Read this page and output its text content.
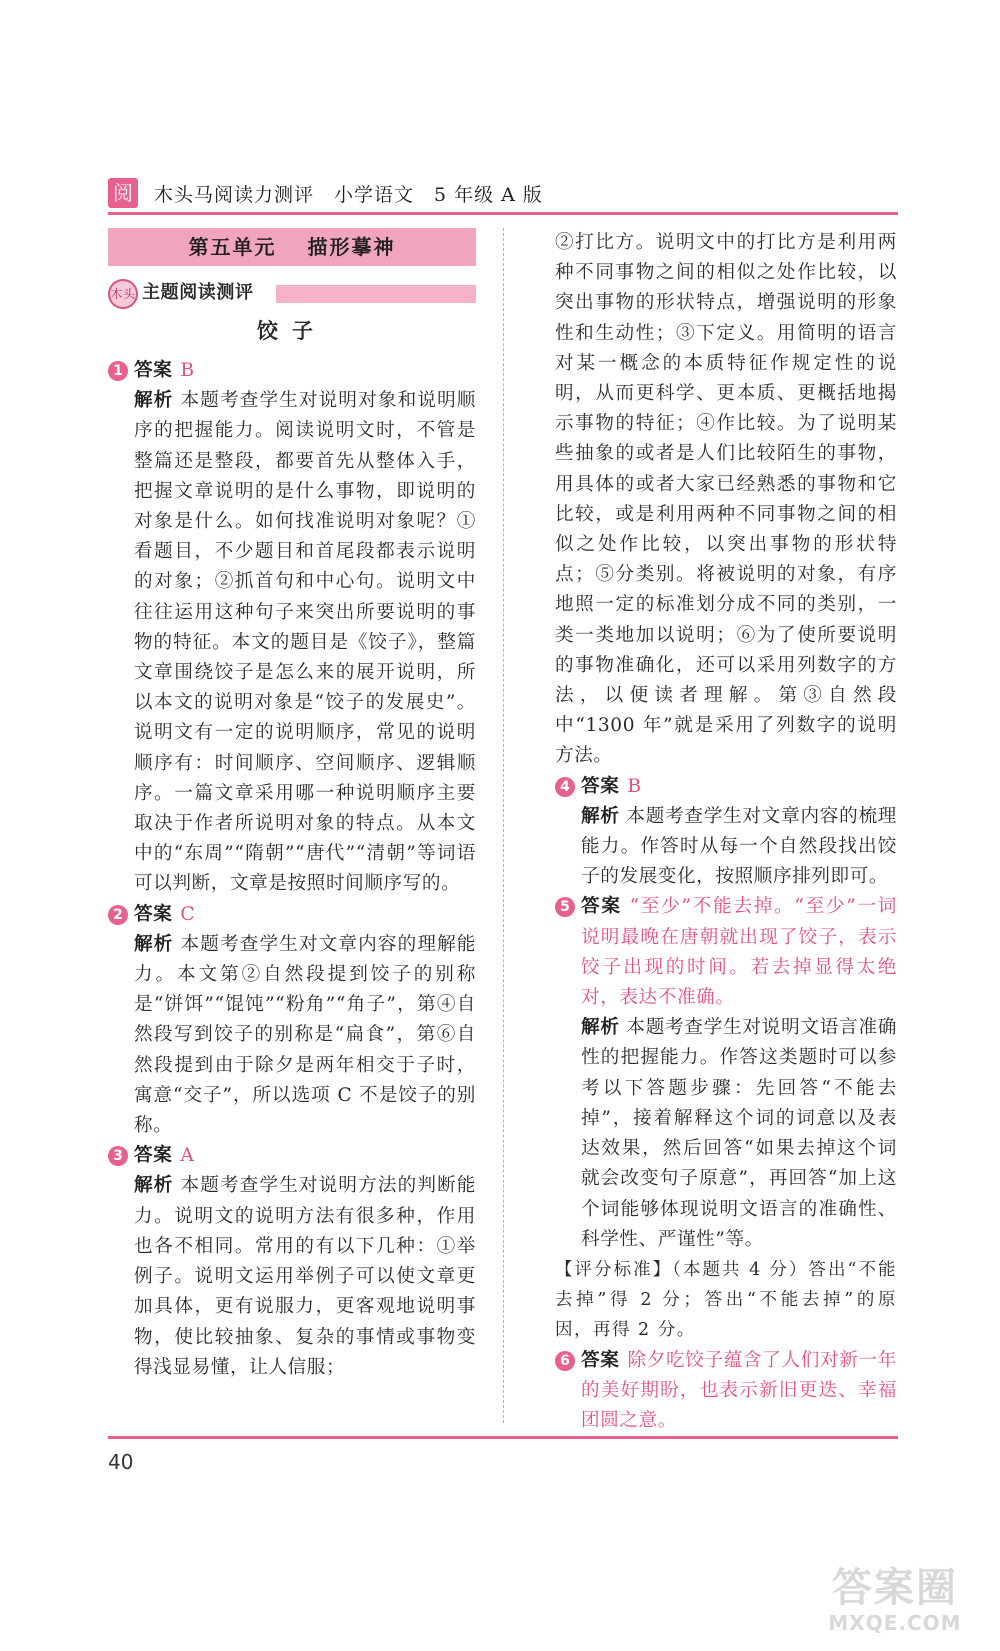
阅 木头马阅读力测评　小学语文　5 年级 A 版
第五单元　 描形摹神
木头 主题阅读测评
饺子

1 答案 B

解析 本题考查学生对说明对象和说明顺序的把握能力。阅读说明文时，不管是整篇还是整段，都要首先从整体入手，把握文章说明的是什么事物，即说明的对象是什么。如何找准说明对象呢？①看题目，不少题目和首尾段都表示说明的对象；②抓首句和中心句。说明文中往往运用这种句子来突出所要说明的事物的特征。本文的题目是《饺子》，整篇文章围绕饺子是怎么来的展开说明，所以本文的说明对象是“饺子的发展史”。说明文有一定的说明顺序，常见的说明顺序有：时间顺序、空间顺序、逻辑顺序。一篇文章采用哪一种说明顺序主要取决于作者所说明对象的特点。从本文中的“东周”“隋朝”“唐代”“清朝”等词语可以判断，文章是按照时间顺序写的。

2 答案 C

解析 本题考查学生对文章内容的理解能力。本文第②自然段提到饺子的别称是“饼饵”“馄饨”“粉角”“角子”，第④自然段写到饺子的别称是“扁食”，第⑥自然段提到由于除夕是两年相交于子时，寓意“交子”，所以选项 C 不是饺子的别称。

3 答案 A

解析 本题考查学生对说明方法的判断能力。说明文的说明方法有很多种，作用也各不相同。常用的有以下几种：①举例子。说明文运用举例子可以使文章更加具体，更有说服力，更客观地说明事物，使比较抽象、复杂的事情或事物变得浅显易懂，让人信服；

②打比方。说明文中的打比方是利用两种不同事物之间的相似之处作比较，以突出事物的形状特点，增强说明的形象性和生动性；③下定义。用简明的语言对某一概念的本质特征作规定性的说明，从而更科学、更本质、更概括地揭示事物的特征；④作比较。为了说明某些抽象的或者是人们比较陌生的事物，用具体的或者大家已经熟悉的事物和它比较，或是利用两种不同事物之间的相似之处作比较，以突出事物的形状特点；⑤分类别。将被说明的对象，有序地照一定的标准划分成不同的类别，一类一类地加以说明；⑥为了使所要说明的事物准确化，还可以采用列数字的方法，以便读者理解。第③自然段中“1300 年”就是采用了列数字的说明方法。

4 答案 B

解析 本题考查学生对文章内容的梳理能力。作答时从每一个自然段找出饺子的发展变化，按照顺序排列即可。

5 答案 “至少”不能去掉。“至少”一词说明最晚在唐朝就出现了饺子，表示饺子出现的时间。若去掉显得太绝对，表达不准确。

解析 本题考查学生对说明文语言准确性的把握能力。作答这类题时可以参考以下答题步骤：先回答“不能去掉”，接着解释这个词的词意以及表达效果，然后回答“如果去掉这个词就会改变句子原意”，再回答“加上这个词能够体现说明文语言的准确性、科学性、严谨性”等。

【评分标准】（本题共 4 分）答出“不能去掉”得 2 分；答出“不能去掉”的原因，再得 2 分。

6 答案 除夕吃饺子蕴含了人们对新一年的美好期盼，也表示新旧更迭、幸福团圆之意。

40
答案圈
MXQE.COM
